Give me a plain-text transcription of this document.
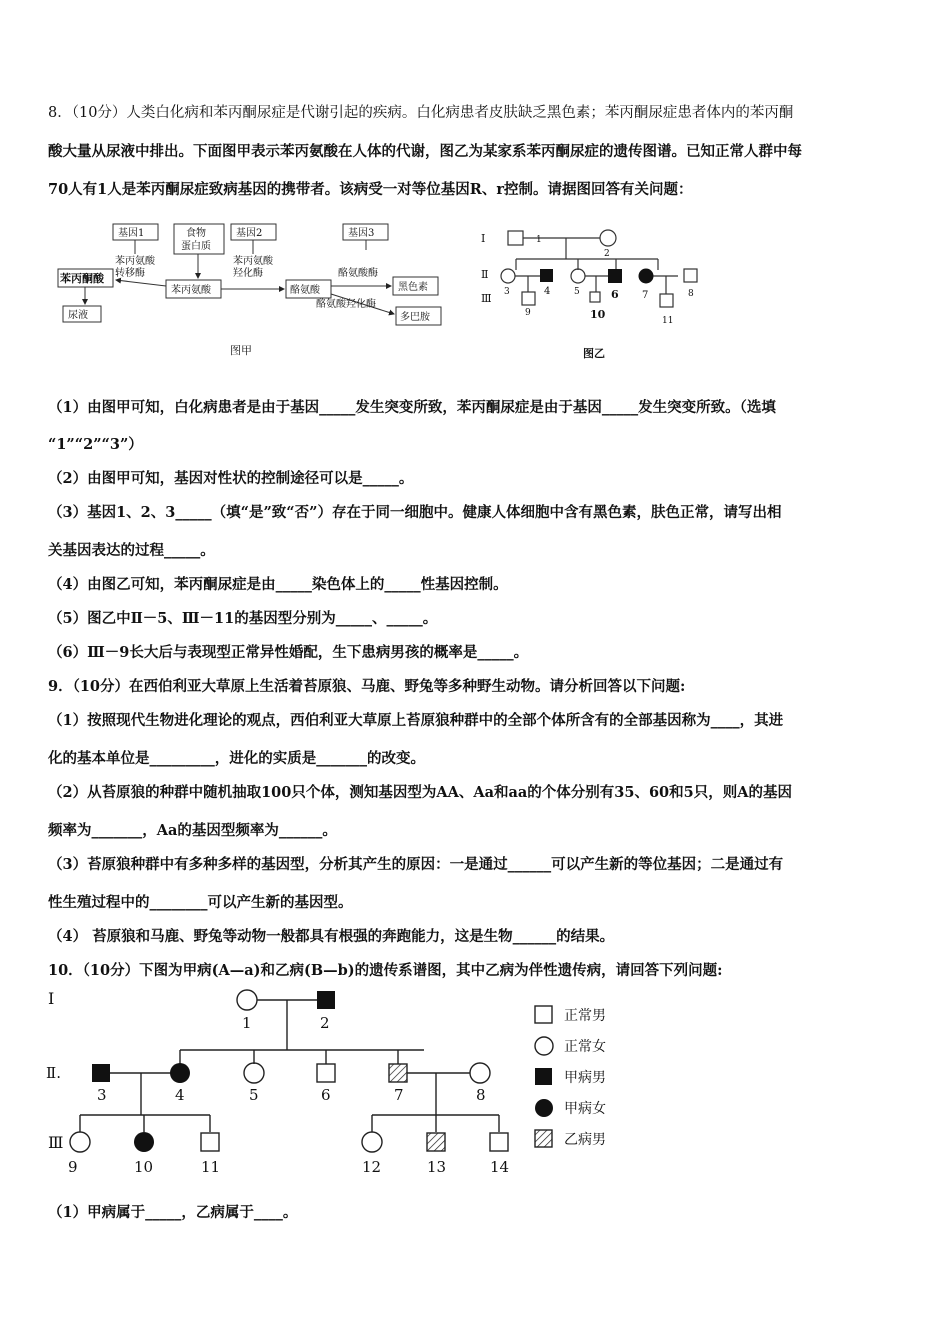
8．（10分）人类白化病和苯丙酮尿症是代谢引起的疾病。白化病患者皮肤缺乏黑色素；苯丙酮尿症患者体内的苯丙酮
酸大量从尿液中排出。下面图甲表示苯丙氨酸在人体的代谢，图乙为某家系苯丙酮尿症的遗传图谱。已知正常人群中每
70人有1人是苯丙酮尿症致病基因的携带者。该病受一对等位基因R、r控制。请据图回答有关问题：
基因1	食物
蛋白质
基因2	基因3
苯丙氨酸
转移酶
苯丙氨酸
羟化酶	酪氨酸酶
酪氨酸羟化酶
苯丙酮酸
尿液
苯丙氨酸	酪氨酸	黑色素
多巴胺
图甲
Ⅰ
Ⅱ
Ⅲ
1
2
3	4	5	6 7	8
9	10	11
图乙
（1）由图甲可知，白化病患者是由于基因_____发生突变所致，苯丙酮尿症是由于基因_____发生突变所致。（选填
“1”“2”“3”）
（2）由图甲可知，基因对性状的控制途径可以是_____。
（3）基因1、2、3_____（填“是”致“否”）存在于同一细胞中。健康人体细胞中含有黑色素，肤色正常，请写出相
关基因表达的过程_____。
（4）由图乙可知，苯丙酮尿症是由_____染色体上的_____性基因控制。
（5）图乙中Ⅱ－5、Ⅲ－11的基因型分别为_____、_____。
（6）Ⅲ－9长大后与表现型正常异性婚配，生下患病男孩的概率是_____。
9．（10分）在西伯利亚大草原上生活着苔原狼、马鹿、野兔等多种野生动物。请分析回答以下问题:
（1）按照现代生物进化理论的观点，西伯利亚大草原上苔原狼种群中的全部个体所含有的全部基因称为____，其进
化的基本单位是_________，进化的实质是_______的改变。
（2）从苔原狼的种群中随机抽取100只个体，测知基因型为AA、Aa和aa的个体分别有35、60和5只，则A的基因
频率为_______，Aa的基因型频率为______。
（3）苔原狼种群中有多种多样的基因型，分析其产生的原因：一是通过______可以产生新的等位基因；二是通过有
性生殖过程中的________可以产生新的基因型。
（4） 苔原狼和马鹿、野兔等动物一般都具有根强的奔跑能力，这是生物______的结果。
10．（10分）下图为甲病(A—a)和乙病(B—b)的遗传系谱图，其中乙病为伴性遗传病，请回答下列问题:
Ⅰ
Ⅱ.
Ⅲ
1	2
3	4	5	6	7	8
9	10	11	12	13	14
正常男
正常女
甲病男
甲病女
乙病男
（1）甲病属于_____，乙病属于____。
